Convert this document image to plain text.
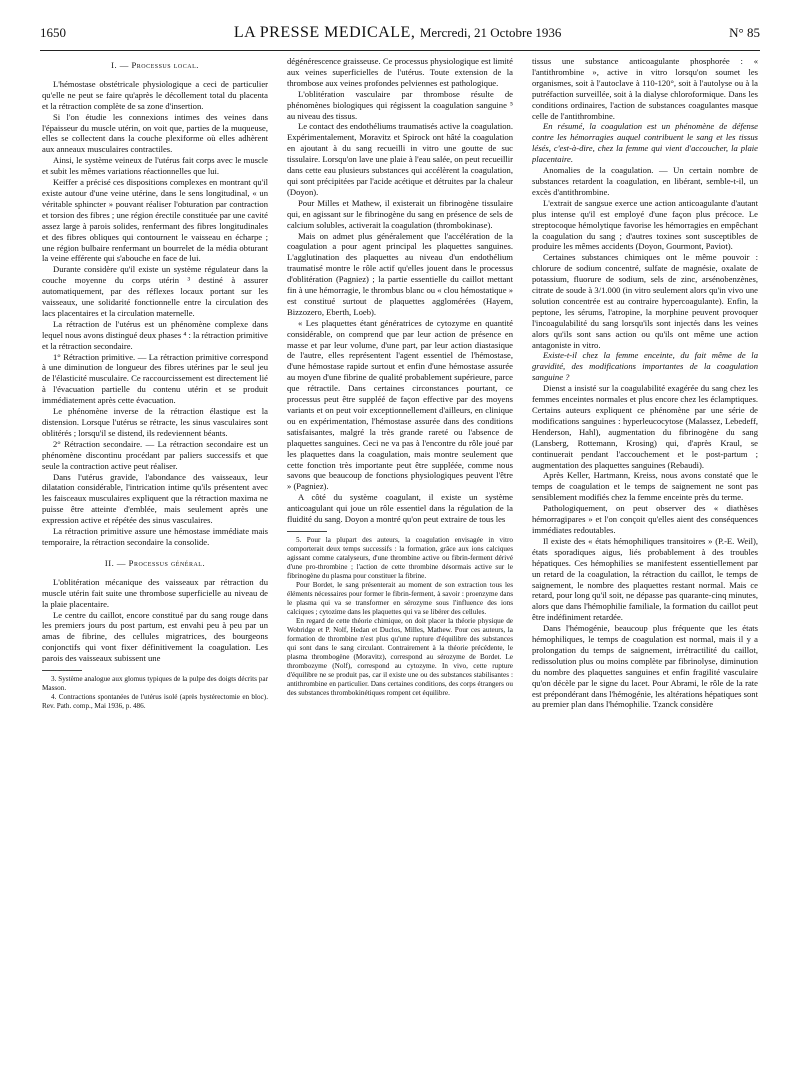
1650	LA PRESSE MEDICALE, Mercredi, 21 Octobre 1936	N° 85
I. — Processus local.

L'hémostase obstétricale physiologique a ceci de particulier qu'elle ne peut se faire qu'après le décollement total du placenta et la rétraction complète de sa zone d'insertion.

Si l'on étudie les connexions intimes des veines dans l'épaisseur du muscle utérin, on voit que, parties de la muqueuse, elles se collectent dans la couche plexiforme où elles adhèrent aux anneaux musculaires contractiles.

Ainsi, le système veineux de l'utérus fait corps avec le muscle et subit les mêmes variations réactionnelles que lui.

Keiffer a précisé ces dispositions complexes en montrant qu'il existe autour d'une veine utérine, dans le sens longitudinal, « un véritable sphincter » pouvant réaliser l'obturation par contraction et torsion des fibres ; une région érectile constituée par une cavité assez large à parois solides, renfermant des fibres longitudinales et des fibres obliques qui contournent le vaisseau en écharpe ; une région bulbaire renfermant un bourrelet de la média obturant la veine efférente qui s'abouche en face de lui.

Durante considère qu'il existe un système régulateur dans la couche moyenne du corps utérin ³ destiné à assurer automatiquement, par des réflexes locaux portant sur les vaisseaux, une solidarité fonctionnelle entre la circulation des lacs placentaires et la circulation maternelle.

La rétraction de l'utérus est un phénomène complexe dans lequel nous avons distingué deux phases ⁴ : la rétraction primitive et la rétraction secondaire.

1° Rétraction primitive. — La rétraction primitive correspond à une diminution de longueur des fibres utérines par le seul jeu de l'élasticité musculaire. Ce raccourcissement est directement lié à l'évacuation partielle du contenu utérin et se produit immédiatement après cette évacuation.

Le phénomène inverse de la rétraction élastique est la distension. Lorsque l'utérus se rétracte, les sinus vasculaires sont oblitérés ; lorsqu'il se distend, ils redeviennent béants.

2° Rétraction secondaire. — La rétraction secondaire est un phénomène discontinu procédant par paliers successifs et que seule la contraction active peut réaliser.

Dans l'utérus gravide, l'abondance des vaisseaux, leur dilatation considérable, l'intrication intime qu'ils présentent avec les faisceaux musculaires expliquent que la rétraction maxima ne puisse être atteinte d'emblée, mais seulement après une expression active et répétée des sinus vasculaires.

La rétraction primitive assure une hémostase immédiate mais temporaire, la rétraction secondaire la consolide.

II. — Processus général.

L'oblitération mécanique des vaisseaux par rétraction du muscle utérin fait suite une thrombose superficielle au niveau de la plaie placentaire.

Le centre du caillot, encore constitué par du sang rouge dans les premiers jours du post partum, est envahi peu à peu par un amas de fibrine, des cellules migratrices, des bourgeons conjonctifs qui vont fixer définitivement la coagulation. Les parois des vaisseaux subissent une

3. Système analogue aux glomus typiques de la pulpe des doigts décrits par Masson.

4. Contractions spontanées de l'utérus isolé (après hystérectomie en bloc). Rev. Path. comp., Mai 1936, p. 486.

dégénérescence graisseuse. Ce processus physiologique est limité aux veines superficielles de l'utérus. Toute extension de la thrombose aux veines profondes pelviennes est pathologique.

L'oblitération vasculaire par thrombose résulte de phénomènes biologiques qui régissent la coagulation sanguine ⁵ au niveau des tissus.

Le contact des endothéliums traumatisés active la coagulation. Expérimentalement, Moravitz et Spirock ont hâté la coagulation en ajoutant à du sang recueilli in vitro une goutte de suc tissulaire. Lorsqu'on lave une plaie à l'eau salée, on peut recueillir dans cette eau plusieurs substances qui accélèrent la coagulation, qui sont précipitées par l'acide acétique et détruites par la chaleur (Doyon).

Pour Milles et Mathew, il existerait un fibrinogène tissulaire qui, en agissant sur le fibrinogène du sang en présence de sels de calcium solubles, activerait la coagulation (thrombokinase).

Mais on admet plus généralement que l'accélération de la coagulation a pour agent principal les plaquettes sanguines. L'agglutination des plaquettes au niveau d'un endothélium traumatisé montre le rôle actif qu'elles jouent dans le processus d'oblitération (Pagniez) ; la partie essentielle du caillot mettant fin à une hémorragie, le thrombus blanc ou « clou hémostatique » est constitué surtout de plaquettes agglomérées (Hayem, Bizzozero, Eberth, Loeb).

« Les plaquettes étant génératrices de cytozyme en quantité considérable, on comprend que par leur action de présence en masse et par leur volume, d'une part, par leur action diastasique de l'autre, elles représentent l'agent essentiel de l'hémostase, d'une hémostase rapide surtout et enfin d'une hémostase assurée au moyen d'une fibrine de qualité probablement supérieure, parce que rétractile. Dans certaines circonstances pourtant, ce processus peut être suppléé de façon effective par des moyens variants et on peut voir exceptionnellement d'ailleurs, en clinique ou en expérimentation, l'hémostase assurée dans des conditions satisfaisantes, malgré la très grande rareté ou l'absence de plaquettes sanguines. Ceci ne va pas à l'encontre du rôle joué par les plaquettes dans la coagulation, mais montre seulement que cette fonction très importante peut être suppléée, comme nous savons que beaucoup de fonctions physiologiques peuvent l'être » (Pagniez).

A côté du système coagulant, il existe un système anticoagulant qui joue un rôle essentiel dans la régulation de la fluidité du sang. Doyon a montré qu'on peut extraire de tous les

5. Pour la plupart des auteurs, la coagulation envisagée in vitro comporterait deux temps successifs : la formation, grâce aux ions calciques agissant comme catalyseurs, d'une thrombine active ou fibrin-ferment dérivé d'une pro-thrombine ; l'action de cette thrombine désormais active sur le fibrinogène du plasma pour constituer la fibrine.

Pour Bordet, le sang présenterait au moment de son extraction tous les éléments nécessaires pour former le fibrin-ferment, à savoir : proenzyme dans le plasma qui va se transformer en sérozyme sous l'influence des ions calciques ; cytozime dans les plaquettes qui va se libérer des cellules.

En regard de cette théorie chimique, on doit placer la théorie physique de Wobridge et P. Nolf, Hedan et Duclos, Milles, Mathew. Pour ces auteurs, la formation de thrombine n'est plus qu'une rupture d'équilibre des substances qui sont dans le sang circulant. Contrairement à la théorie précédente, le plasma thrombogène (Moravitz), correspond au sérozyme de Bordet. Le thrombozyme (Nolf), correspond au cytozyme. In vivo, cette rupture d'équilibre ne se produit pas, car il existe une ou des substances stabilisantes : antithrombine en particulier. Dans certaines conditions, des corps étrangers ou des substances thrombokinétiques rompent cet équilibre.

tissus une substance anticoagulante phosphorée : « l'antithrombine », active in vitro lorsqu'on soumet les organismes, soit à l'autoclave à 110-120°, soit à l'autolyse ou à la putréfaction surveillée, soit à la dialyse chloroformique. Dans les conditions ordinaires, l'action de substances coagulantes masque celle de l'antithrombine.

En résumé, la coagulation est un phénomène de défense contre les hémorragies auquel contribuent le sang et les tissus lésés, c'est-à-dire, chez la femme qui vient d'accoucher, la plaie placentaire.

Anomalies de la coagulation. — Un certain nombre de substances retardent la coagulation, en libérant, semble-t-il, un excès d'antithrombine.

L'extrait de sangsue exerce une action anticoagulante d'autant plus intense qu'il est employé d'une façon plus précoce. Le streptocoque hémolytique favorise les hémorragies en empêchant la coagulation du sang ; d'autres toxines sont susceptibles de produire les mêmes accidents (Doyon, Gourmont, Paviot).

Certaines substances chimiques ont le même pouvoir : chlorure de sodium concentré, sulfate de magnésie, oxalate de potassium, fluorure de sodium, sels de zinc, arsénobenzènes, citrate de soude à 3/1.000 (in vitro seulement alors qu'in vivo une solution concentrée est au contraire hypercoagulante). Enfin, la peptone, les sérums, l'atropine, la morphine peuvent provoquer l'incoagulabilité du sang lorsqu'ils sont injectés dans les veines alors qu'ils sont sans action ou qu'ils ont même une action antagoniste in vitro.

Existe-t-il chez la femme enceinte, du fait même de la gravidité, des modifications importantes de la coagulation sanguine ?

Dienst a insisté sur la coagulabilité exagérée du sang chez les femmes enceintes normales et plus encore chez les éclamptiques. Certains auteurs expliquent ce phénomène par une série de modifications sanguines : hyperleucocytose (Malassez, Lebedeff, Henderson, Hahl), augmentation du fibrinogène du sang (Lansberg, Rottemann, Krosing) qui, d'après Kraul, se continuerait pendant l'accouchement et le post-partum ; augmentation des plaquettes sanguines (Rebaudi).

Après Keller, Hartmann, Kreiss, nous avons constaté que le temps de coagulation et le temps de saignement ne sont pas sensiblement modifiés chez la femme enceinte près du terme.

Pathologiquement, on peut observer des « diathèses hémorragipares » et l'on conçoit qu'elles aient des conséquences immédiates redoutables.

Il existe des « états hémophiliques transitoires » (P.-E. Weil), états sporadiques aigus, liés probablement à des troubles hépatiques. Ces hémophilies se manifestent essentiellement par un retard de la coagulation, la rétraction du caillot, le temps de saignement, le nombre des plaquettes restant normal. Mais ce retard, pour long qu'il soit, ne dépasse pas quarante-cinq minutes, alors que dans l'hémophilie familiale, la formation du caillot peut être indéfiniment retardée.

Dans l'hémogénie, beaucoup plus fréquente que les états hémophiliques, le temps de coagulation est normal, mais il y a prolongation du temps de saignement, irrétractilité du caillot, redissolution plus ou moins complète par fibrinolyse, diminution du nombre des plaquettes sanguines et enfin fragilité vasculaire qu'on décèle par le signe du lacet. Pour Abrami, le rôle de la rate est prépondérant dans l'hémogénie, les altérations hépatiques sont au premier plan dans l'hémophilie. Tzanck considère
